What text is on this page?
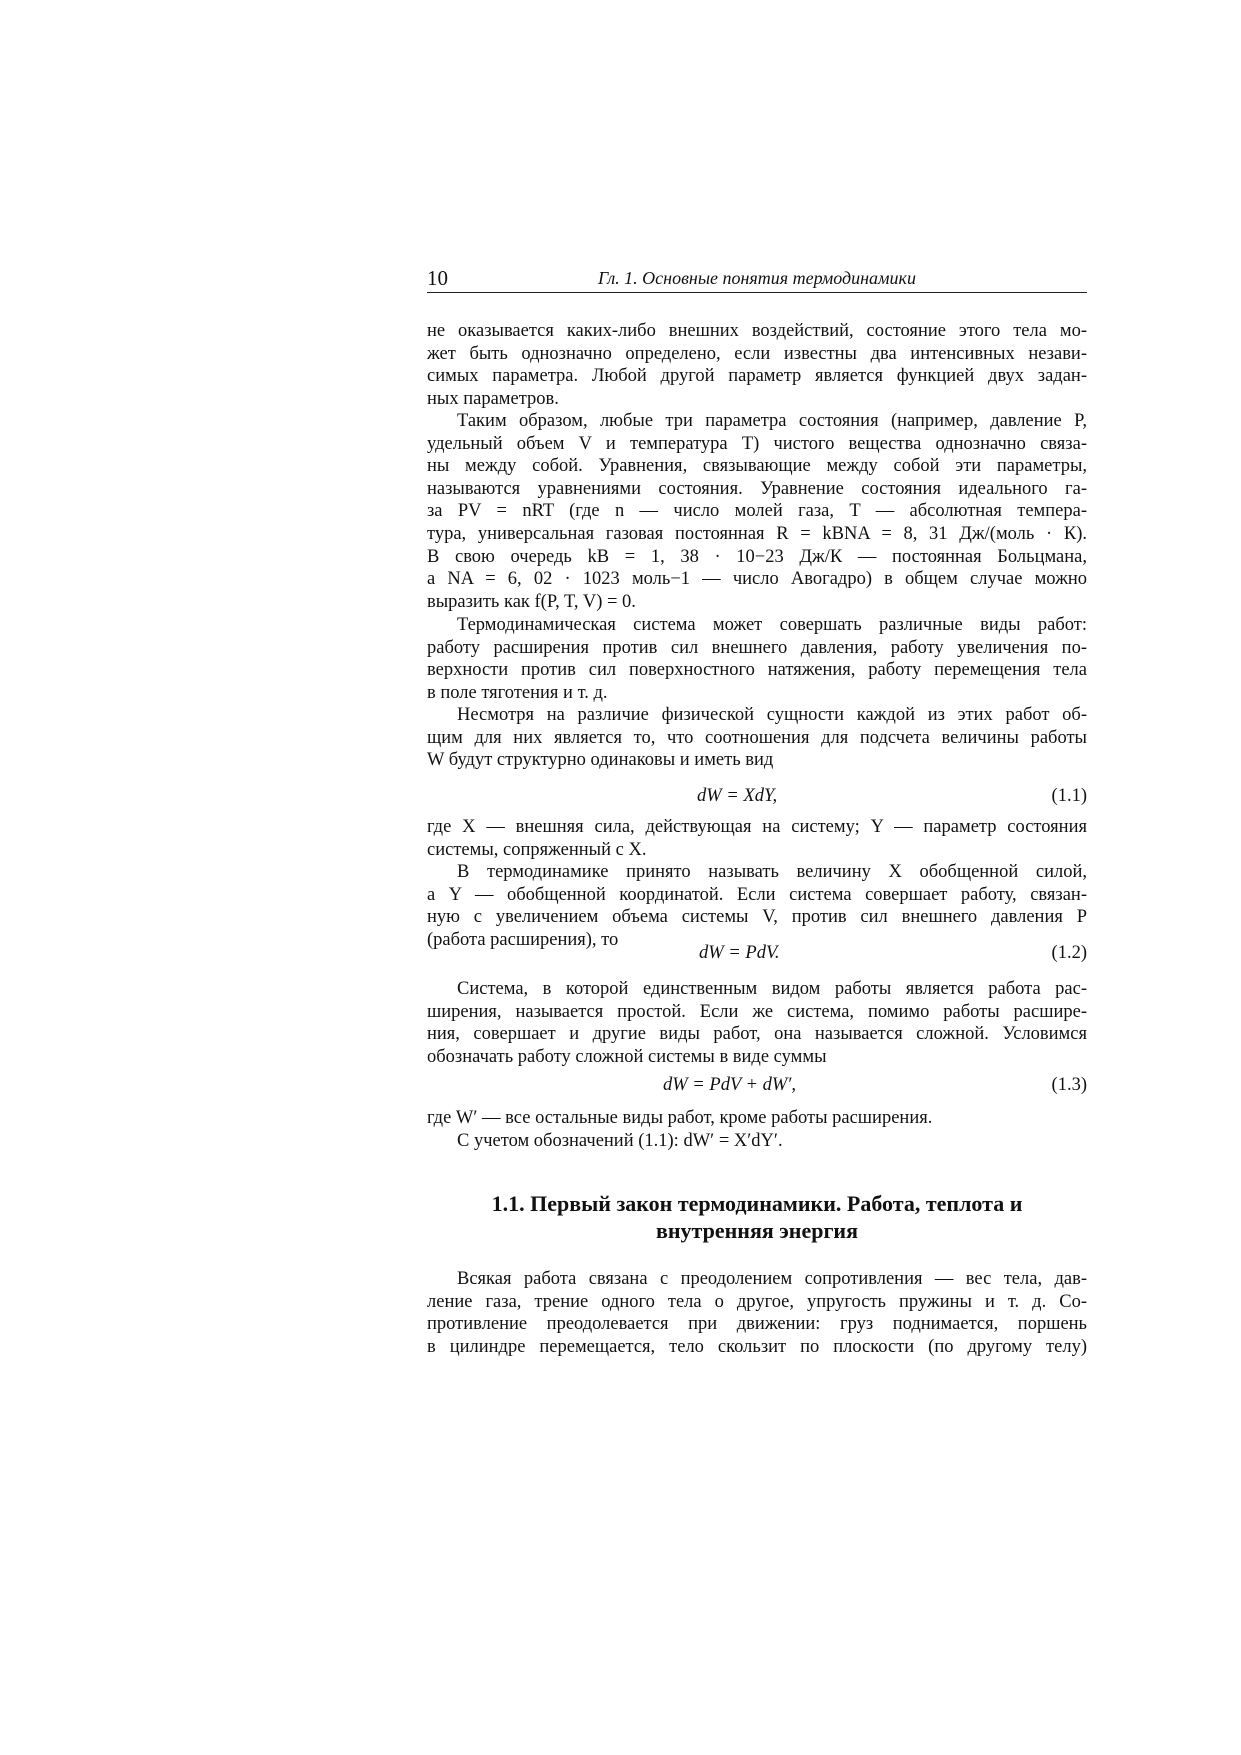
10	Гл. 1. Основные понятия термодинамики
не оказывается каких-либо внешних воздействий, состояние этого тела мо-
жет быть однозначно определено, если известны два интенсивных незави-
симых параметра. Любой другой параметр является функцией двух задан-
ных параметров.
Таким образом, любые три параметра состояния (например, давление P,
удельный объем V и температура T) чистого вещества однозначно связа-
ны между собой. Уравнения, связывающие между собой эти параметры,
называются уравнениями состояния. Уравнение состояния идеального га-
за PV = nRT (где n — число молей газа, T — абсолютная темпера-
тура, универсальная газовая постоянная R = kBNA = 8, 31 Дж/(моль · К).
В свою очередь kB = 1, 38 · 10−23 Дж/К — постоянная Больцмана,
а NA = 6, 02 · 1023 моль−1 — число Авогадро) в общем случае можно
выразить как f(P, T, V) = 0.
Термодинамическая система может совершать различные виды работ:
работу расширения против сил внешнего давления, работу увеличения по-
верхности против сил поверхностного натяжения, работу перемещения тела
в поле тяготения и т. д.
Несмотря на различие физической сущности каждой из этих работ об-
щим для них является то, что соотношения для подсчета величины работы
W будут структурно одинаковы и иметь вид
dW = XdY,	(1.1)
где X — внешняя сила, действующая на систему; Y — параметр состояния
системы, сопряженный с X.
В термодинамике принято называть величину X обобщенной силой,
а Y — обобщенной координатой. Если система совершает работу, связан-
ную с увеличением объема системы V, против сил внешнего давления P
(работа расширения), то
dW = PdV.	(1.2)
Система, в которой единственным видом работы является работа рас-
ширения, называется простой. Если же система, помимо работы расшире-
ния, совершает и другие виды работ, она называется сложной. Условимся
обозначать работу сложной системы в виде суммы
dW = PdV + dW′,	(1.3)
где W′ — все остальные виды работ, кроме работы расширения.
С учетом обозначений (1.1): dW′ = X′dY′.
1.1. Первый закон термодинамики. Работа, теплота и
внутренняя энергия
Всякая работа связана с преодолением сопротивления — вес тела, дав-
ление газа, трение одного тела о другое, упругость пружины и т. д. Со-
противление преодолевается при движении: груз поднимается, поршень
в цилиндре перемещается, тело скользит по плоскости (по другому телу)
